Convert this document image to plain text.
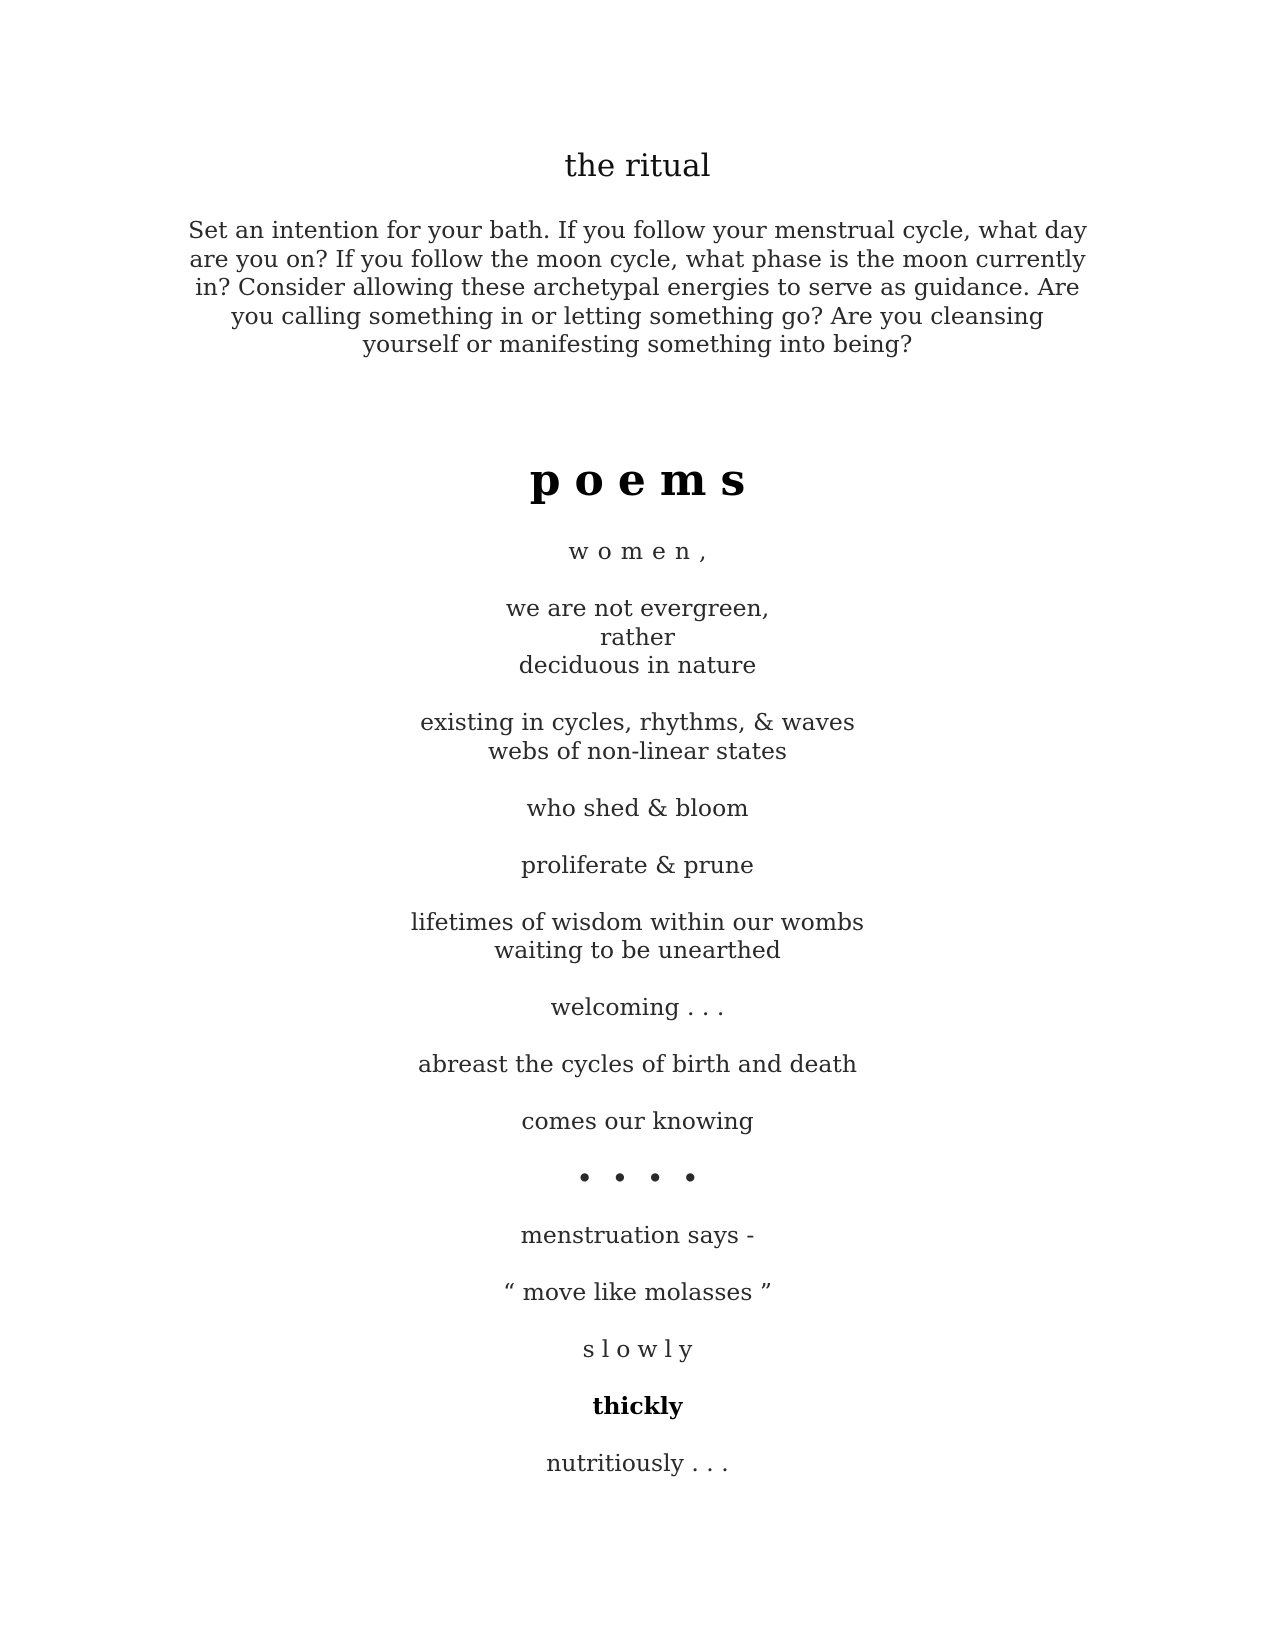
the ritual

Set an intention for your bath. If you follow your menstrual cycle, what day are you on? If you follow the moon cycle, what phase is the moon currently in? Consider allowing these archetypal energies to serve as guidance. Are you calling something in or letting something go? Are you cleansing yourself or manifesting something into being?

poems
women,
we are not evergreen,
rather
deciduous in nature
existing in cycles, rhythms, & waves
webs of non-linear states
who shed & bloom
proliferate & prune
lifetimes of wisdom within our wombs
waiting to be unearthed
welcoming . . .
abreast the cycles of birth and death
comes our knowing
• • • •
menstruation says -
“ move like molasses ”
slowly
thickly
nutritiously . . .
